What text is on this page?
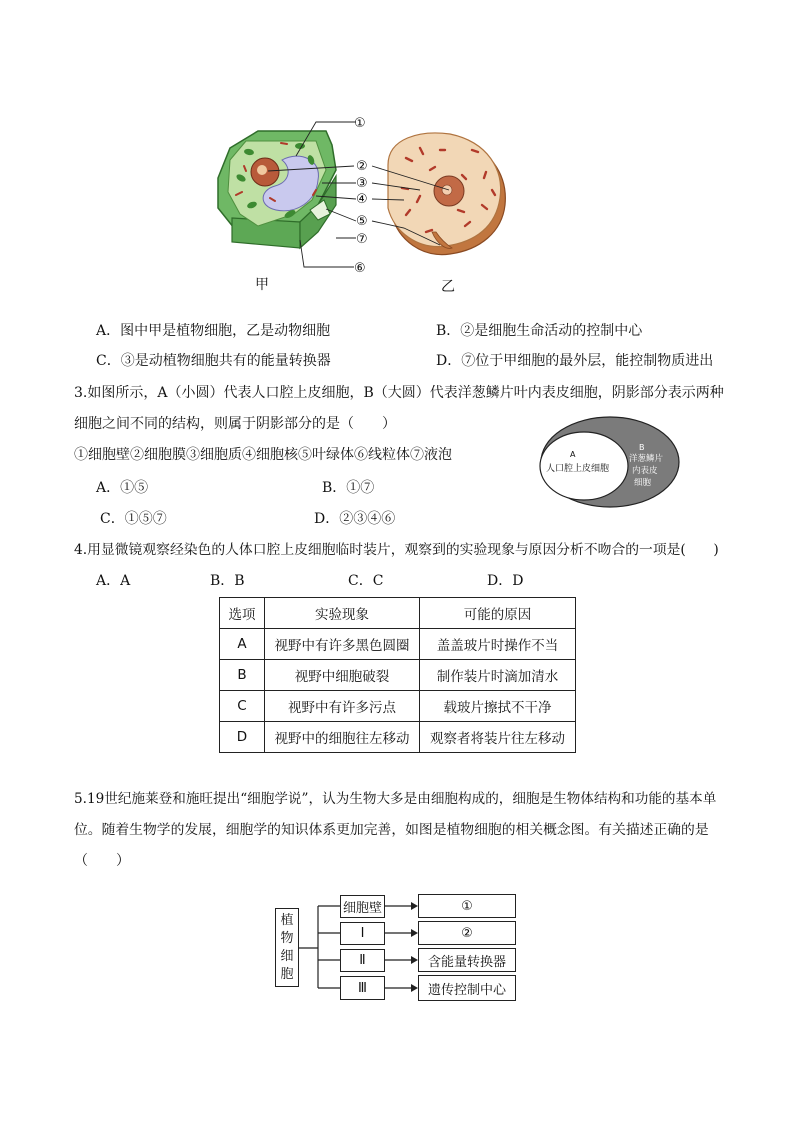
①
②
③
④
⑤
⑦
⑥
甲	乙
A．图中甲是植物细胞，乙是动物细胞	B．②是细胞生命活动的控制中心
C．③是动植物细胞共有的能量转换器	D．⑦位于甲细胞的最外层，能控制物质进出
3.如图所示，A（小圆）代表人口腔上皮细胞，B（大圆）代表洋葱鳞片叶内表皮细胞，阴影部分表示两种
细胞之间不同的结构，则属于阴影部分的是（　　）
①细胞壁②细胞膜③细胞质④细胞核⑤叶绿体⑥线粒体⑦液泡
A．①⑤	B．①⑦
C．①⑤⑦	D．②③④⑥
A
人口腔上皮细胞
B
洋葱鳞片
内表皮
细胞
4.用显微镜观察经染色的人体口腔上皮细胞临时装片，观察到的实验现象与原因分析不吻合的一项是(　　)
A．A	B．B	C．C	D．D
选项	实验现象	可能的原因
A	视野中有许多黑色圆圈	盖盖玻片时操作不当
B	视野中细胞破裂	制作装片时滴加清水
C	视野中有许多污点	载玻片擦拭不干净
D	视野中的细胞往左移动	观察者将装片往左移动
5.19世纪施莱登和施旺提出“细胞学说”，认为生物大多是由细胞构成的，细胞是生物体结构和功能的基本单
位。随着生物学的发展，细胞学的知识体系更加完善，如图是植物细胞的相关概念图。有关描述正确的是
（　　）
植
物
细
胞
细胞壁
Ⅰ
Ⅱ
Ⅲ
①
②
含能量转换器
遗传控制中心
